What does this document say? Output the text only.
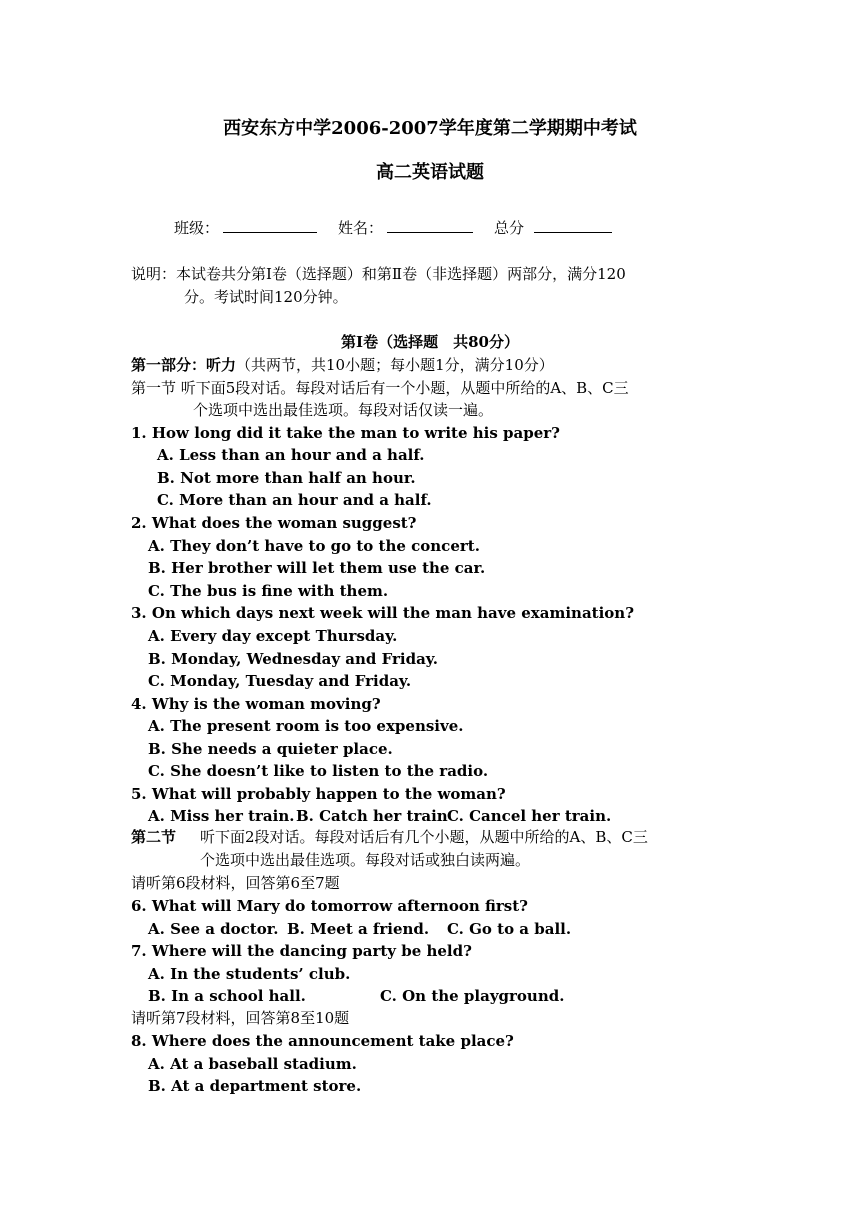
西安东方中学2006-2007学年度第二学期期中考试
高二英语试题
班级：	姓名：	总分
说明：本试卷共分第Ⅰ卷（选择题）和第Ⅱ卷（非选择题）两部分，满分120
分。考试时间120分钟。
第Ⅰ卷（选择题　共80分）
第一部分：听力（共两节，共10小题；每小题1分，满分10分）
第一节 听下面5段对话。每段对话后有一个小题，从题中所给的A、B、C三
个选项中选出最佳选项。每段对话仅读一遍。
1. How long did it take the man to write his paper?
A. Less than an hour and a half.
B. Not more than half an hour.
C. More than an hour and a half.
2. What does the woman suggest?
A. They don’t have to go to the concert.
B. Her brother will let them use the car.
C. The bus is fine with them.
3. On which days next week will the man have examination?
A. Every day except Thursday.
B. Monday, Wednesday and Friday.
C. Monday, Tuesday and Friday.
4. Why is the woman moving?
A. The present room is too expensive.
B. She needs a quieter place.
C. She doesn’t like to listen to the radio.
5. What will probably happen to the woman?
A. Miss her train. B. Catch her train C. Cancel her train.
第二节 听下面2段对话。每段对话后有几个小题，从题中所给的A、B、C三
个选项中选出最佳选项。每段对话或独白读两遍。
请听第6段材料，回答第6至7题
6. What will Mary do tomorrow afternoon first?
A. See a doctor. B. Meet a friend. C. Go to a ball.
7. Where will the dancing party be held?
A. In the students’ club.
B. In a school hall.	C. On the playground.
请听第7段材料，回答第8至10题
8. Where does the announcement take place?
A. At a baseball stadium.
B. At a department store.
